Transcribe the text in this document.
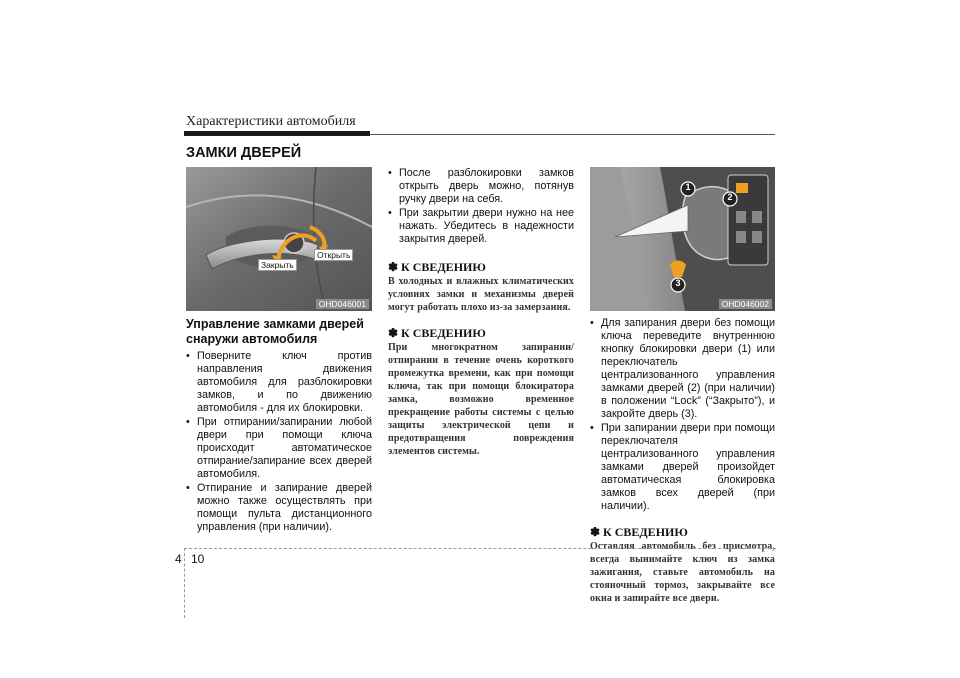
Характеристики автомобиля
ЗАМКИ ДВЕРЕЙ
Закрыть
Открыть
OHD046001
1
2
3
OHD046002
Управление замками дверей снаружи автомобиля
• Поверните ключ против направления движения автомобиля для разблокировки замков, и по движению автомобиля - для их блокировки.
• При отпирании/запирании любой двери при помощи ключа происходит автоматическое отпирание/запирание всех дверей автомобиля.
• Отпирание и запирание дверей можно также осуществлять при помощи пульта дистанционного управления (при наличии).
• После разблокировки замков открыть дверь можно, потянув ручку двери на себя.
• При закрытии двери нужно на нее нажать. Убедитесь в надежности закрытия дверей.
✽ К СВЕДЕНИЮ
В холодных и влажных климатических условиях замки и механизмы дверей могут работать плохо из-за замерзания.
✽ К СВЕДЕНИЮ
При многократном запирании/отпирании в течение очень короткого промежутка времени, как при помощи ключа, так при помощи блокиратора замка, возможно временное прекращение работы системы с целью защиты электрической цепи и предотвращения повреждения элементов системы.
• Для запирания двери без помощи ключа переведите внутреннюю кнопку блокировки двери (1) или переключатель централизованного управления замками дверей (2) (при наличии) в положении “Lock” (“Закрыто”), и закройте дверь (3).
• При запирании двери при помощи переключателя централизованного управления замками дверей произойдет автоматическая блокировка замков всех дверей (при наличии).
✽ К СВЕДЕНИЮ
Оставляя автомобиль без присмотра, всегда вынимайте ключ из замка зажигания, ставьте автомобиль на стояночный тормоз, закрывайте все окна и запирайте все двери.
4 10
